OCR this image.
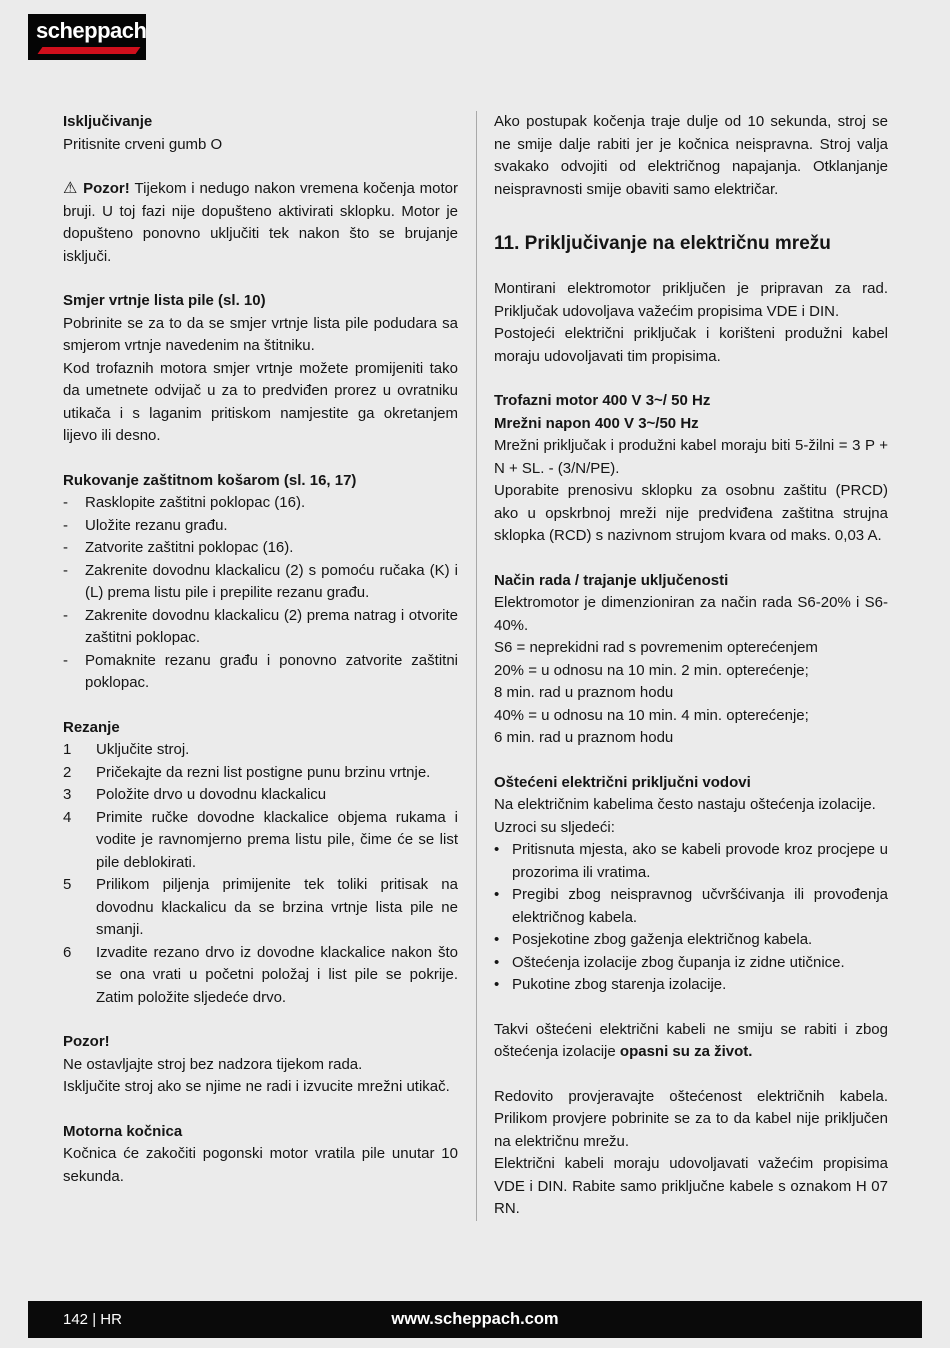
scheppach
Isključivanje
Pritisnite crveni gumb O
⚠ Pozor! Tijekom i nedugo nakon vremena kočenja motor bruji. U toj fazi nije dopušteno aktivirati sklopku. Motor je dopušteno ponovno uključiti tek nakon što se brujanje isključi.
Smjer vrtnje lista pile (sl. 10)
Pobrinite se za to da se smjer vrtnje lista pile podudara sa smjerom vrtnje navedenim na štitniku.
Kod trofaznih motora smjer vrtnje možete promijeniti tako da umetnete odvijač u za to predviđen prorez u ovratniku utikača i s laganim pritiskom namjestite ga okretanjem lijevo ili desno.
Rukovanje zaštitnom košarom (sl. 16, 17)
-	Rasklopite zaštitni poklopac (16).
-	Uložite rezanu građu.
-	Zatvorite zaštitni poklopac (16).
-	Zakrenite dovodnu klackalicu (2) s pomoću ručaka (K) i (L) prema listu pile i prepilite rezanu građu.
-	Zakrenite dovodnu klackalicu (2) prema natrag i otvorite zaštitni poklopac.
-	Pomaknite rezanu građu i ponovno zatvorite zaštitni poklopac.
Rezanje
1	Uključite stroj.
2	Pričekajte da rezni list postigne punu brzinu vrtnje.
3	Položite drvo u dovodnu klackalicu
4	Primite ručke dovodne klackalice objema rukama i vodite je ravnomjerno prema listu pile, čime će se list pile deblokirati.
5	Prilikom piljenja primijenite tek toliki pritisak na dovodnu klackalicu da se brzina vrtnje lista pile ne smanji.
6	Izvadite rezano drvo iz dovodne klackalice nakon što se ona vrati u početni položaj i list pile se pokrije. Zatim položite sljedeće drvo.
Pozor!
Ne ostavljajte stroj bez nadzora tijekom rada.
Isključite stroj ako se njime ne radi i izvucite mrežni utikač.
Motorna kočnica
Kočnica će zakočiti pogonski motor vratila pile unutar 10 sekunda.
Ako postupak kočenja traje dulje od 10 sekunda, stroj se ne smije dalje rabiti jer je kočnica neispravna. Stroj valja svakako odvojiti od električnog napajanja. Otklanjanje neispravnosti smije obaviti samo električar.
11. Priključivanje na električnu mrežu
Montirani elektromotor priključen je pripravan za rad. Priključak udovoljava važećim propisima VDE i DIN.
Postojeći električni priključak i korišteni produžni kabel moraju udovoljavati tim propisima.
Trofazni motor 400 V 3~/ 50 Hz
Mrežni napon 400 V 3~/50 Hz
Mrežni priključak i produžni kabel moraju biti 5-žilni = 3 P + N + SL. - (3/N/PE).
Uporabite prenosivu sklopku za osobnu zaštitu (PRCD) ako u opskrbnoj mreži nije predviđena zaštitna strujna sklopka (RCD) s nazivnom strujom kvara od maks. 0,03 A.
Način rada / trajanje uključenosti
Elektromotor je dimenzioniran za način rada S6-20% i S6-40%.
S6 = neprekidni rad s povremenim opterećenjem
20% = u odnosu na 10 min. 2 min. opterećenje;
8 min. rad u praznom hodu
40% = u odnosu na 10 min. 4 min. opterećenje;
6 min. rad u praznom hodu
Oštećeni električni priključni vodovi
Na električnim kabelima često nastaju oštećenja izolacije.
Uzroci su sljedeći:
• Pritisnuta mjesta, ako se kabeli provode kroz procjepe u prozorima ili vratima.
• Pregibi zbog neispravnog učvršćivanja ili provođenja električnog kabela.
• Posjekotine zbog gaženja električnog kabela.
• Oštećenja izolacije zbog čupanja iz zidne utičnice.
• Pukotine zbog starenja izolacije.
Takvi oštećeni električni kabeli ne smiju se rabiti i zbog oštećenja izolacije opasni su za život.
Redovito provjeravajte oštećenost električnih kabela. Prilikom provjere pobrinite se za to da kabel nije priključen na električnu mrežu.
Električni kabeli moraju udovoljavati važećim propisima VDE i DIN. Rabite samo priključne kabele s oznakom H 07 RN.
142 | HR	www.scheppach.com
